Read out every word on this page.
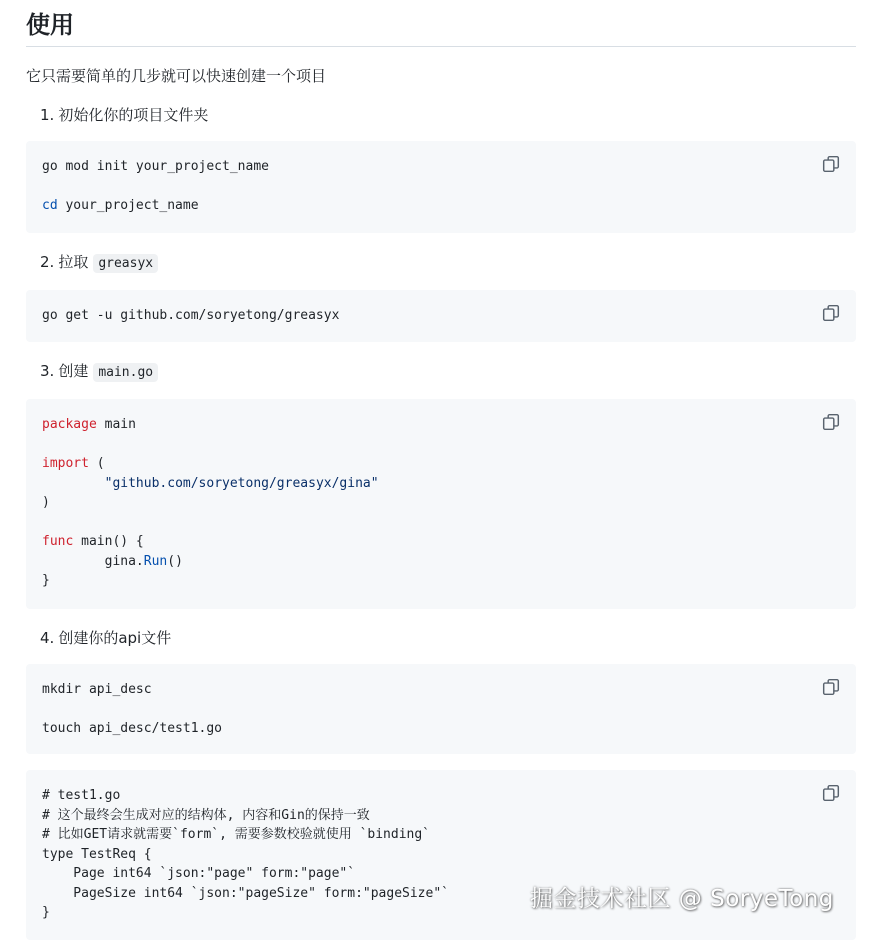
使用
它只需要简单的几步就可以快速创建一个项目
1. 初始化你的项目文件夹
go mod init your_project_name

cd your_project_name
2. 拉取 greasyx
go get -u github.com/soryetong/greasyx
3. 创建 main.go
package main

import (
"github.com/soryetong/greasyx/gina"
)

func main() {
gina.Run()
}
4. 创建你的api文件
mkdir api_desc

touch api_desc/test1.go
# test1.go
# 这个最终会生成对应的结构体, 内容和Gin的保持一致
# 比如GET请求就需要`form`, 需要参数校验就使用 `binding`
type TestReq {
Page int64 `json:"page" form:"page"`
PageSize int64 `json:"pageSize" form:"pageSize"`
}
掘金技术社区 @ SoryeTong
